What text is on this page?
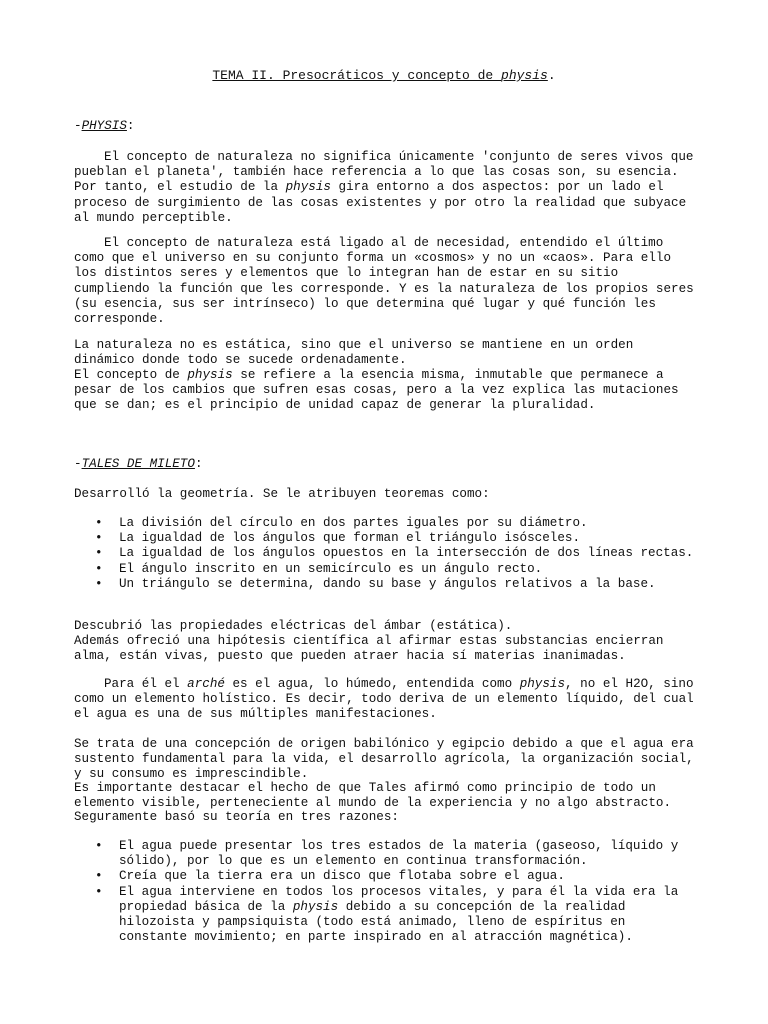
TEMA II. Presocráticos y concepto de physis.
-PHYSIS:

El concepto de naturaleza no significa únicamente 'conjunto de seres vivos que pueblan el planeta', también hace referencia a lo que las cosas son, su esencia. Por tanto, el estudio de la physis gira entorno a dos aspectos: por un lado el proceso de surgimiento de las cosas existentes y por otro la realidad que subyace al mundo perceptible.

El concepto de naturaleza está ligado al de necesidad, entendido el último como que el universo en su conjunto forma un «cosmos» y no un «caos». Para ello los distintos seres y elementos que lo integran han de estar en su sitio cumpliendo la función que les corresponde. Y es la naturaleza de los propios seres (su esencia, sus ser intrínseco) lo que determina qué lugar y qué función les corresponde.

La naturaleza no es estática, sino que el universo se mantiene en un orden dinámico donde todo se sucede ordenadamente.

El concepto de physis se refiere a la esencia misma, inmutable que permanece a pesar de los cambios que sufren esas cosas, pero a la vez explica las mutaciones que se dan; es el principio de unidad capaz de generar la pluralidad.

-TALES DE MILETO:

Desarrolló la geometría. Se le atribuyen teoremas como:

• La división del círculo en dos partes iguales por su diámetro.
• La igualdad de los ángulos que forman el triángulo isósceles.
• La igualdad de los ángulos opuestos en la intersección de dos líneas rectas.
• El ángulo inscrito en un semicírculo es un ángulo recto.
• Un triángulo se determina, dando su base y ángulos relativos a la base.

Descubrió las propiedades eléctricas del ámbar (estática).

Además ofreció una hipótesis científica al afirmar estas substancias encierran alma, están vivas, puesto que pueden atraer hacia sí materias inanimadas.

Para él el arché es el agua, lo húmedo, entendida como physis, no el H2O, sino como un elemento holístico. Es decir, todo deriva de un elemento líquido, del cual el agua es una de sus múltiples manifestaciones.

Se trata de una concepción de origen babilónico y egipcio debido a que el agua era sustento fundamental para la vida, el desarrollo agrícola, la organización social, y su consumo es imprescindible.

Es importante destacar el hecho de que Tales afirmó como principio de todo un elemento visible, perteneciente al mundo de la experiencia y no algo abstracto.

Seguramente basó su teoría en tres razones:

• El agua puede presentar los tres estados de la materia (gaseoso, líquido y sólido), por lo que es un elemento en continua transformación.
• Creía que la tierra era un disco que flotaba sobre el agua.
• El agua interviene en todos los procesos vitales, y para él la vida era la propiedad básica de la physis debido a su concepción de la realidad hilozoista y pampsiquista (todo está animado, lleno de espíritus en constante movimiento; en parte inspirado en al atracción magnética).
